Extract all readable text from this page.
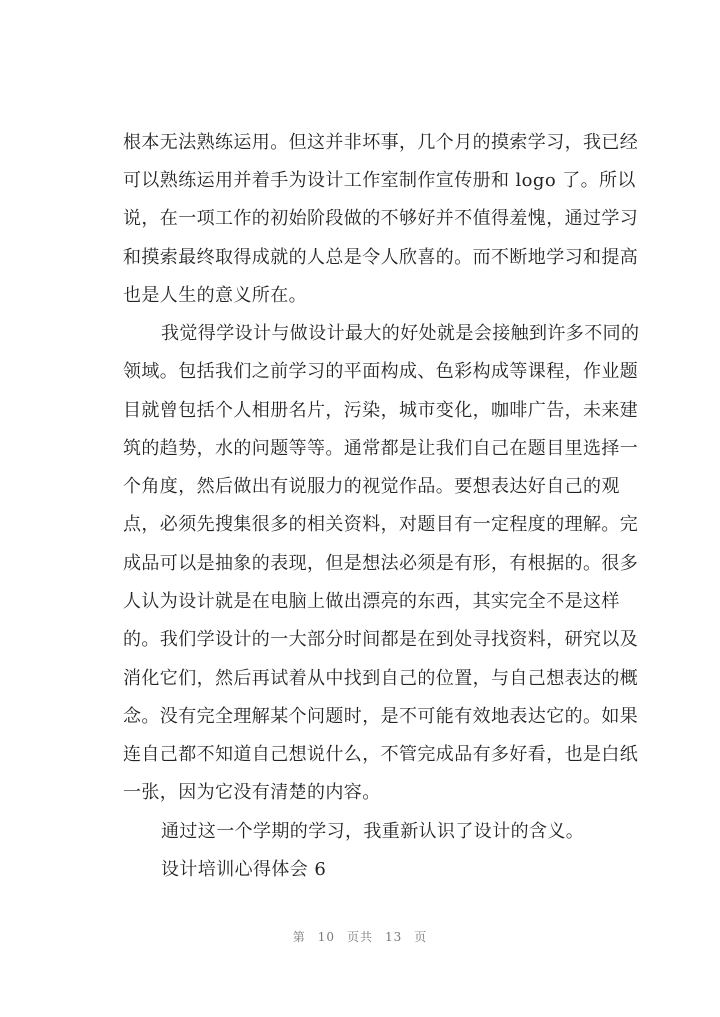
根本无法熟练运用。但这并非坏事，几个月的摸索学习，我已经
可以熟练运用并着手为设计工作室制作宣传册和 logo 了。所以
说，在一项工作的初始阶段做的不够好并不值得羞愧，通过学习
和摸索最终取得成就的人总是令人欣喜的。而不断地学习和提高
也是人生的意义所在。
我觉得学设计与做设计最大的好处就是会接触到许多不同的
领域。包括我们之前学习的平面构成、色彩构成等课程，作业题
目就曾包括个人相册名片，污染，城市变化，咖啡广告，未来建
筑的趋势，水的问题等等。通常都是让我们自己在题目里选择一
个角度，然后做出有说服力的视觉作品。要想表达好自己的观
点，必须先搜集很多的相关资料，对题目有一定程度的理解。完
成品可以是抽象的表现，但是想法必须是有形，有根据的。很多
人认为设计就是在电脑上做出漂亮的东西，其实完全不是这样
的。我们学设计的一大部分时间都是在到处寻找资料，研究以及
消化它们，然后再试着从中找到自己的位置，与自己想表达的概
念。没有完全理解某个问题时，是不可能有效地表达它的。如果
连自己都不知道自己想说什么，不管完成品有多好看，也是白纸
一张，因为它没有清楚的内容。
通过这一个学期的学习，我重新认识了设计的含义。
设计培训心得体会 6
第 10 页共 13 页
